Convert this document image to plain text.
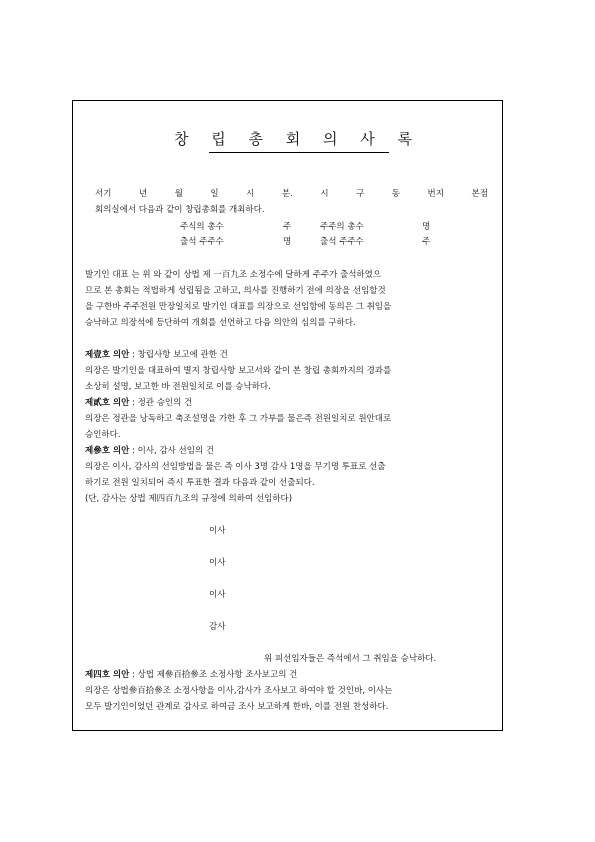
창 립 총 회 의 사 록
서기	년	월	일	시	분.	시	구	동	번지	본점
회의실에서 다음과 같이 창립총회를 개최하다.
주식의 총수	주	주주의 총수	명
출석 주주수	명	출석 주주수	주
발기인 대표 는 위 와 같이 상법 제 一百九조 소정수에 달하게 주주가 출석하였으
므로 본 총회는 적법하게 성립됨을 고하고, 의사를 진행하기 전에 의장을 선임할것
을 구한바 주주전원 만장일치로 발기인 대표를 의장으로 선임함에 동의은 그 취임을
승낙하고 의장석에 등단하여 개회를 선언하고 다음 의안의 심의를 구하다.
제壹호 의안 : 창립사항 보고에 관한 건
의장은 발기인을 대표하여 별지 창립사항 보고서와 같이 본 창립 총회까지의 경과를
소상히 설명, 보고한 바 전원일치로 이를 승낙하다.
제貳호 의안 : 정관 승인의 건
의장은 정관을 낭독하고 축조설명을 가한 후 그 가부를 물은즉 전원일치로 원안대로
승인하다.
제參호 의안 : 이사, 감사 선임의 건
의장은 이사, 감사의 선임방법을 물은 즉 이사 3명 감사 1명을 무기명 투표로 선출
하기로 전원 일치되어 즉시 투표한 결과 다음과 같이 선출되다.
(단, 감사는 상법 제四百九조의 규정에 의하여 선임하다)
이사
이사
이사
감사
위 피선임자들은 즉석에서 그 취임을 승낙하다.
제四호 의안 : 상법 제參百拾參조 소정사항 조사보고의 건
의장은 상법參百拾參조 소정사항을 이사,감사가 조사보고 하여야 할 것인바, 이사는
모두 발기인이었던 관계로 감사로 하여금 조사 보고하게 한바, 이를 전원 찬성하다.
